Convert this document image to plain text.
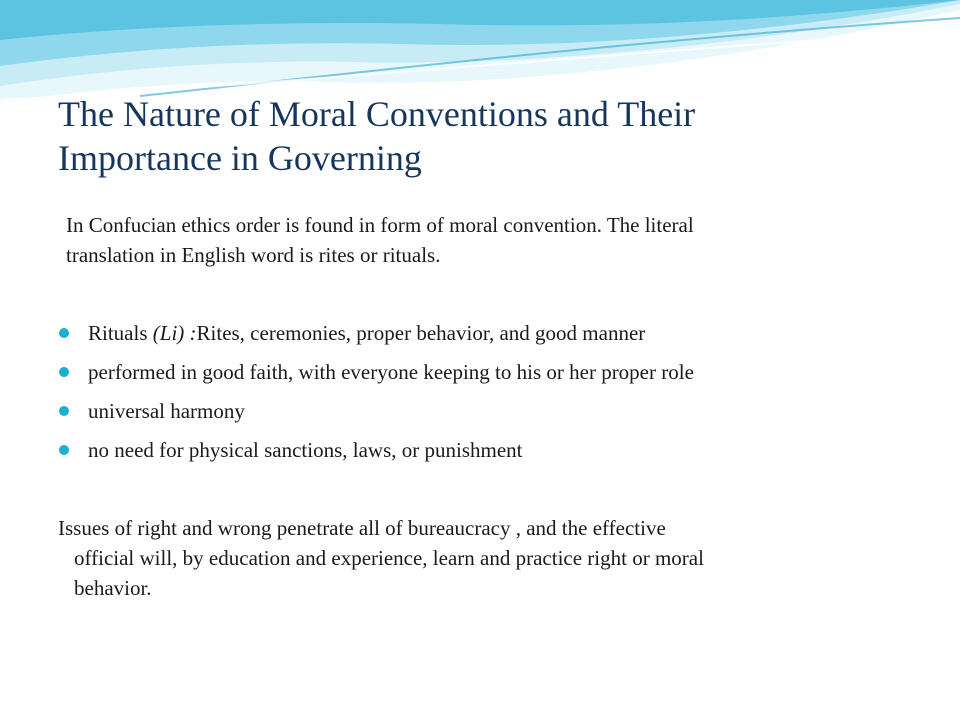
The Nature of Moral Conventions and Their
Importance in Governing
In Confucian ethics order is found in form of moral convention. The literal
translation in English word is rites or rituals.
Rituals (Li) :Rites, ceremonies, proper behavior, and good manner
performed in good faith, with everyone keeping to his or her proper role
universal harmony
no need for physical sanctions, laws, or punishment
Issues of right and wrong penetrate all of bureaucracy , and the effective
official will, by education and experience, learn and practice right or moral
behavior.
